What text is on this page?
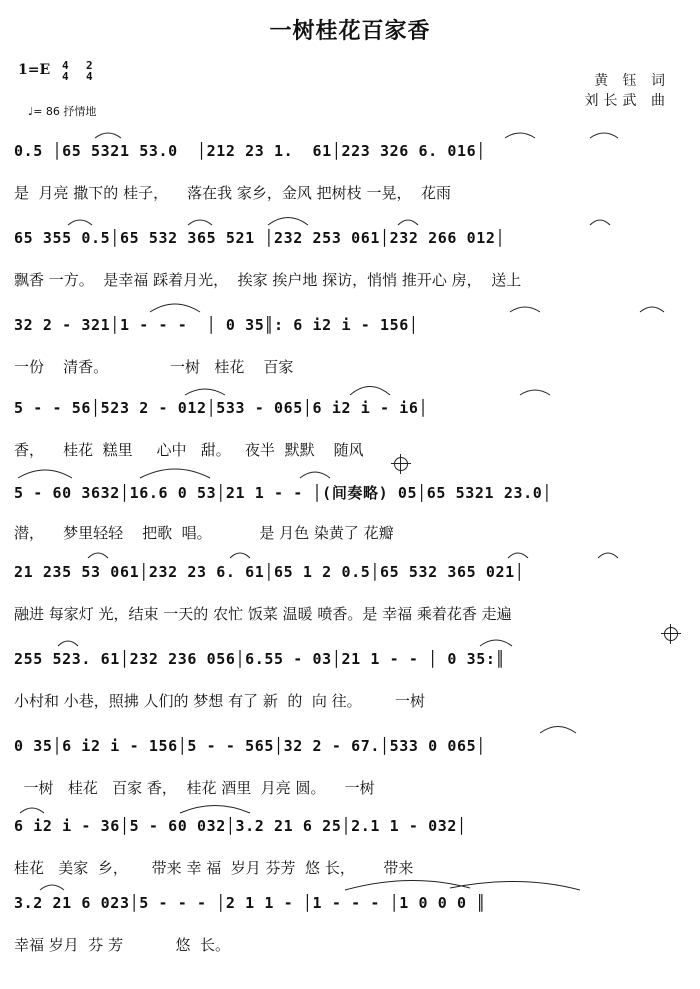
一树桂花百家香
1=E 4
4
2
4
♩= 86 抒情地
黄 钰 词
刘长武 曲
0.5 │65 5321 53.0  │212 23 1.  61│223 326 6. 016│
是  月亮 撒下的 桂子，    落在我 家乡，金风 把树枝 一晃，  花雨
65 355 0.5│65 532 365 521 │232 253 061│232 266 012│
飘香 一方。  是幸福 踩着月光，  挨家 挨户地 探访，悄悄 推开心 房，  送上
32 2 - 321│1 - - -  │ 0 35║: 6 i2 i - 156│
一份    清香。             一树   桂花    百家
5 - - 56│523 2 - 012│533 - 065│6 i2 i - i6│
香，    桂花  糕里     心中   甜。   夜半  默默    随风
5 - 60 3632│16.6 0 53│21 1 - - │(间奏略) 05│65 5321 23.0│
潜，    梦里轻轻    把歌  唱。          是 月色 染黄了 花瓣
21 235 53 061│232 23 6. 61│65 1 2 0.5│65 532 365 021│
融进 每家灯 光，结束 一天的 农忙 饭菜 温暖 喷香。是 幸福 乘着花香 走遍
255 523. 61│232 236 056│6.55 - 03│21 1 - - │ 0 35:║
小村和 小巷，照拂 人们的 梦想 有了 新  的  向 往。       一树
0 35│6 i2 i - 156│5 - - 565│32 2 - 67.│533 0 065│
一树   桂花   百家 香，  桂花 酒里  月亮 圆。    一树
6 i2 i - 36│5 - 60 032│3.2 21 6 25│2.1 1 - 032│
桂花   美家  乡，     带来 幸 福  岁月 芬芳  悠 长，      带来
3.2 21 6 023│5 - - - │2 1 1 - │1 - - - │1 0 0 0 ║
幸福 岁月  芬 芳           悠  长。
